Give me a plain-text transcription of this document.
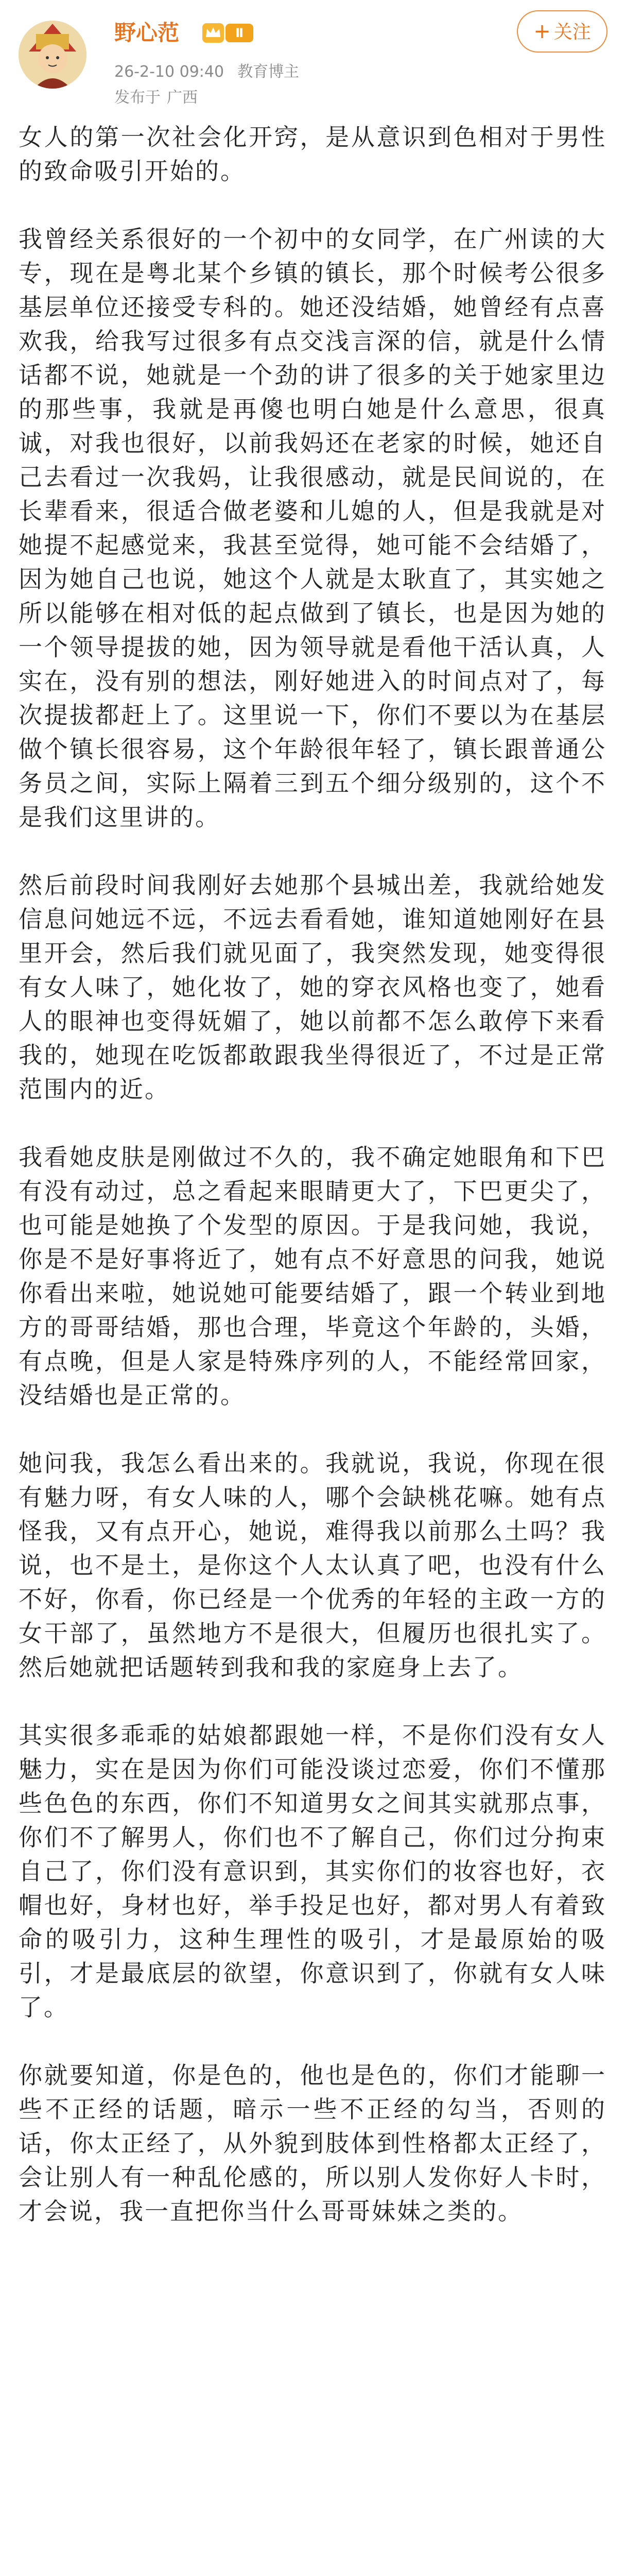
野心范	Ⅱ
26-2-10 09:40 教育博主
发布于 广西
+ 关注

女人的第一次社会化开窍，是从意识到色相对于男性的致命吸引开始的。

我曾经关系很好的一个初中的女同学，在广州读的大专，现在是粤北某个乡镇的镇长，那个时候考公很多基层单位还接受专科的。她还没结婚，她曾经有点喜欢我，给我写过很多有点交浅言深的信，就是什么情话都不说，她就是一个劲的讲了很多的关于她家里边的那些事，我就是再傻也明白她是什么意思，很真诚，对我也很好，以前我妈还在老家的时候，她还自己去看过一次我妈，让我很感动，就是民间说的，在长辈看来，很适合做老婆和儿媳的人，但是我就是对她提不起感觉来，我甚至觉得，她可能不会结婚了，因为她自己也说，她这个人就是太耿直了，其实她之所以能够在相对低的起点做到了镇长，也是因为她的一个领导提拔的她，因为领导就是看他干活认真，人实在，没有别的想法，刚好她进入的时间点对了，每次提拔都赶上了。这里说一下，你们不要以为在基层做个镇长很容易，这个年龄很年轻了，镇长跟普通公务员之间，实际上隔着三到五个细分级别的，这个不是我们这里讲的。

然后前段时间我刚好去她那个县城出差，我就给她发信息问她远不远，不远去看看她，谁知道她刚好在县里开会，然后我们就见面了，我突然发现，她变得很有女人味了，她化妆了，她的穿衣风格也变了，她看人的眼神也变得妩媚了，她以前都不怎么敢停下来看我的，她现在吃饭都敢跟我坐得很近了，不过是正常范围内的近。

我看她皮肤是刚做过不久的，我不确定她眼角和下巴有没有动过，总之看起来眼睛更大了，下巴更尖了，也可能是她换了个发型的原因。于是我问她，我说，你是不是好事将近了，她有点不好意思的问我，她说你看出来啦，她说她可能要结婚了，跟一个转业到地方的哥哥结婚，那也合理，毕竟这个年龄的，头婚，有点晚，但是人家是特殊序列的人，不能经常回家，没结婚也是正常的。

她问我，我怎么看出来的。我就说，我说，你现在很有魅力呀，有女人味的人，哪个会缺桃花嘛。她有点怪我，又有点开心，她说，难得我以前那么土吗？我说，也不是土，是你这个人太认真了吧，也没有什么不好，你看，你已经是一个优秀的年轻的主政一方的女干部了，虽然地方不是很大，但履历也很扎实了。然后她就把话题转到我和我的家庭身上去了。

其实很多乖乖的姑娘都跟她一样，不是你们没有女人魅力，实在是因为你们可能没谈过恋爱，你们不懂那些色色的东西，你们不知道男女之间其实就那点事，你们不了解男人，你们也不了解自己，你们过分拘束自己了，你们没有意识到，其实你们的妆容也好，衣帽也好，身材也好，举手投足也好，都对男人有着致命的吸引力，这种生理性的吸引，才是最原始的吸引，才是最底层的欲望，你意识到了，你就有女人味了。

你就要知道，你是色的，他也是色的，你们才能聊一些不正经的话题，暗示一些不正经的勾当，否则的话，你太正经了，从外貌到肢体到性格都太正经了，会让别人有一种乱伦感的，所以别人发你好人卡时，才会说，我一直把你当什么哥哥妹妹之类的。
